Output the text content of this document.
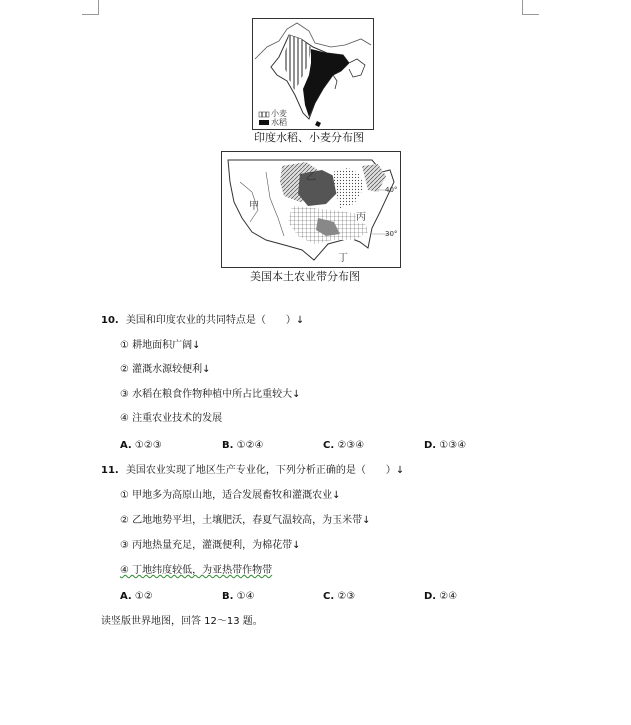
小麦
水稻
印度水稻、小麦分布图
甲
乙
丙
丁
40°
30°
美国本土农业带分布图
10. 美国和印度农业的共同特点是（　　）↓
① 耕地面积广阔↓
② 灌溉水源较便利↓
③ 水稻在粮食作物种植中所占比重较大↓
④ 注重农业技术的发展
A. ①②③	B. ①②④	C. ②③④	D. ①③④
11. 美国农业实现了地区生产专业化，下列分析正确的是（　　）↓
① 甲地多为高原山地，适合发展畜牧和灌溉农业↓
② 乙地地势平坦，土壤肥沃，春夏气温较高，为玉米带↓
③ 丙地热量充足，灌溉便利，为棉花带↓
④ 丁地纬度较低，为亚热带作物带
A. ①②	B. ①④	C. ②③	D. ②④
读竖版世界地图，回答 12～13 题。
